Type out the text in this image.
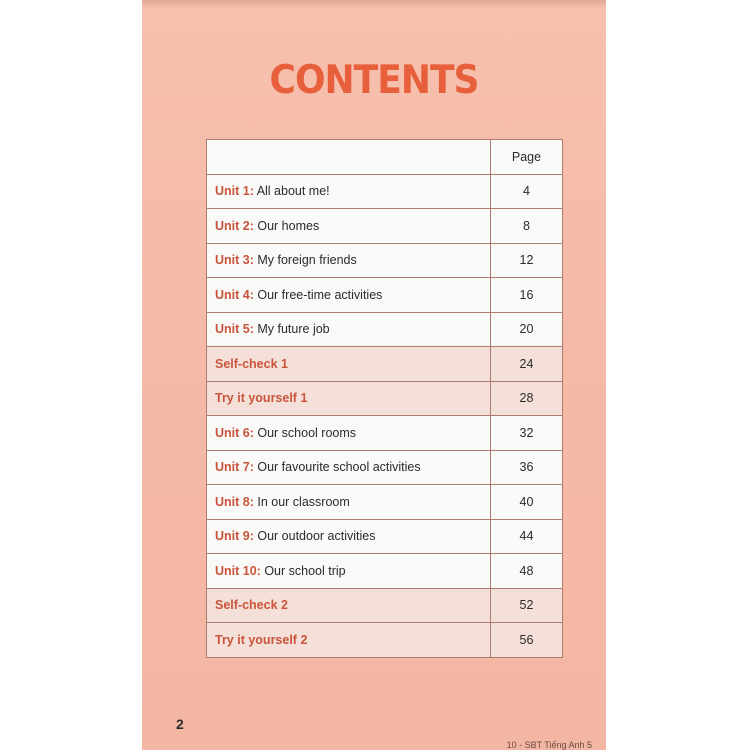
CONTENTS
	Page
Unit 1: All about me!	4
Unit 2: Our homes	8
Unit 3: My foreign friends	12
Unit 4: Our free-time activities	16
Unit 5: My future job	20
Self-check 1	24
Try it yourself 1	28
Unit 6: Our school rooms	32
Unit 7: Our favourite school activities	36
Unit 8: In our classroom	40
Unit 9: Our outdoor activities	44
Unit 10: Our school trip	48
Self-check 2	52
Try it yourself 2	56
2
10 - SBT Tiếng Anh 5
